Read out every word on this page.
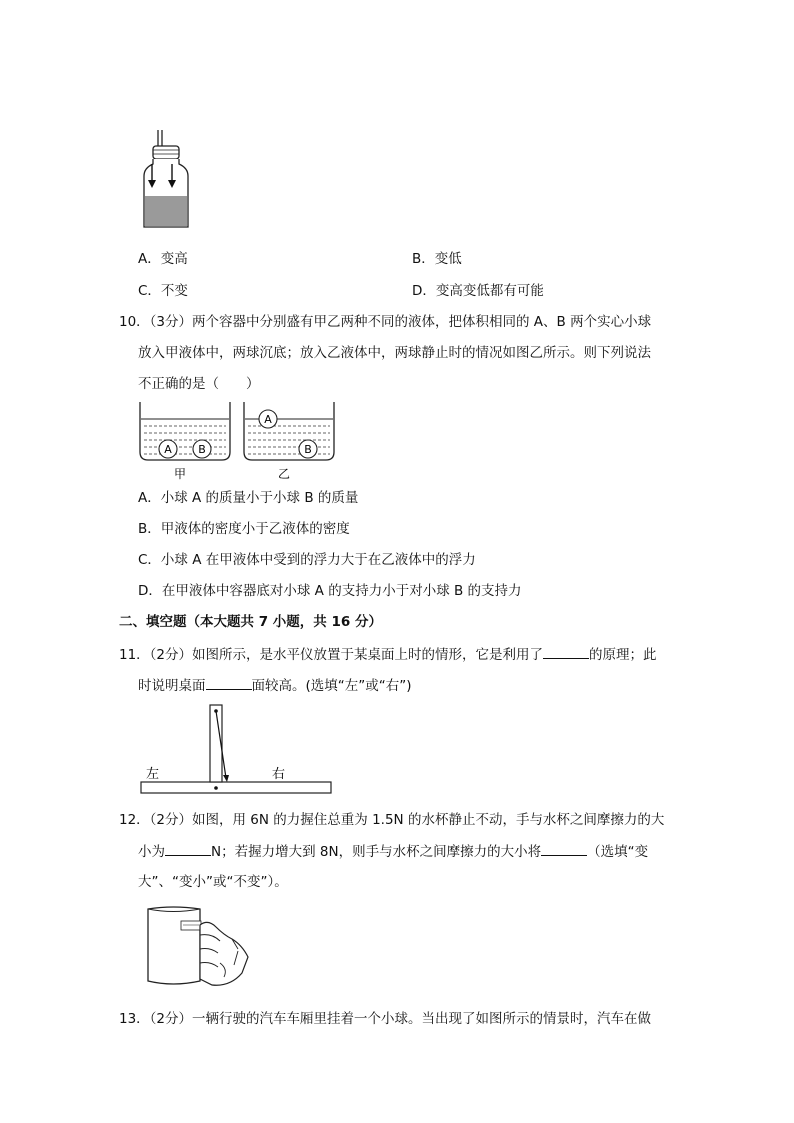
A．变高	B．变低
C．不变	D．变高变低都有可能
10．（3分）两个容器中分别盛有甲乙两种不同的液体，把体积相同的 A、B 两个实心小球
放入甲液体中，两球沉底；放入乙液体中，两球静止时的情况如图乙所示。则下列说法
不正确的是（　　）
A B
甲
A
B
乙
A．小球 A 的质量小于小球 B 的质量
B．甲液体的密度小于乙液体的密度
C．小球 A 在甲液体中受到的浮力大于在乙液体中的浮力
D．在甲液体中容器底对小球 A 的支持力小于对小球 B 的支持力
二、填空题（本大题共 7 小题，共 16 分）
11．（2分）如图所示，是水平仪放置于某桌面上时的情形，它是利用了	的原理；此
时说明桌面	面较高。(选填“左”或“右”)
左	右
12．（2分）如图，用 6N 的力握住总重为 1.5N 的水杯静止不动，手与水杯之间摩擦力的大
小为	N；若握力增大到 8N，则手与水杯之间摩擦力的大小将	（选填“变
大”、“变小”或“不变”）。
13．（2分）一辆行驶的汽车车厢里挂着一个小球。当出现了如图所示的情景时，汽车在做
